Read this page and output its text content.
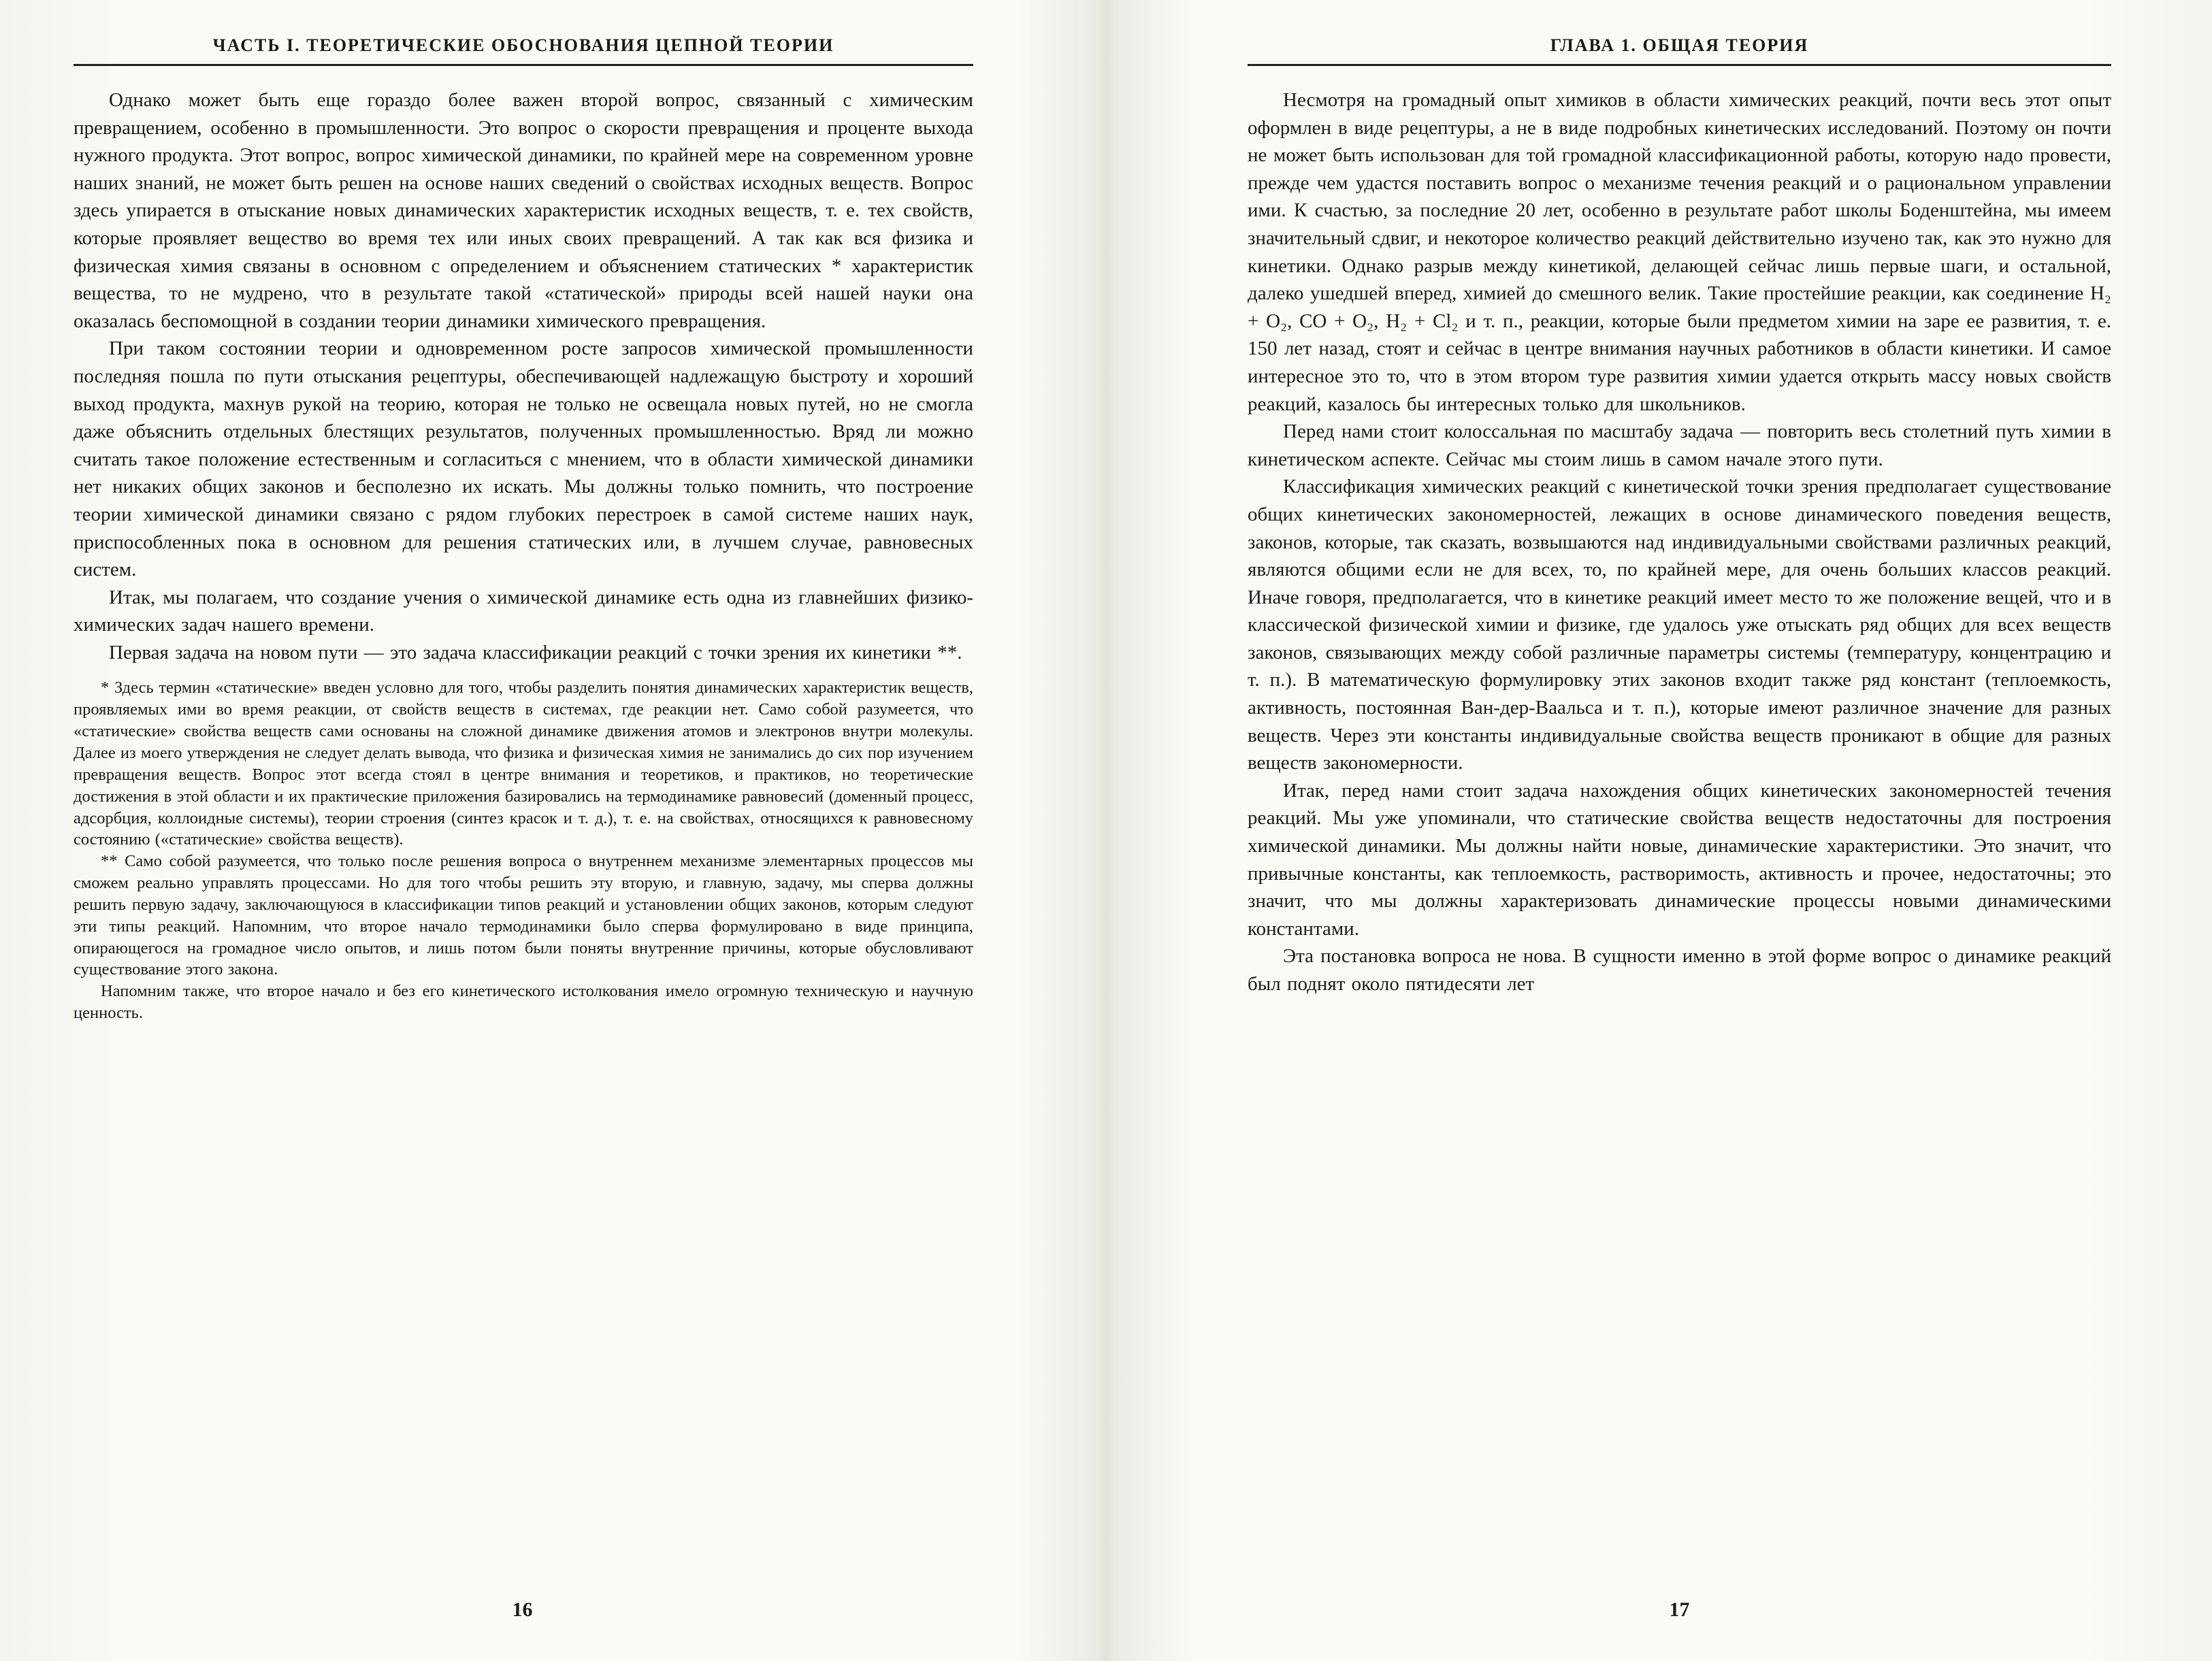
ЧАСТЬ I. ТЕОРЕТИЧЕСКИЕ ОБОСНОВАНИЯ ЦЕПНОЙ ТЕОРИИ

Однако может быть еще гораздо более важен второй вопрос, связанный с химическим превращением, особенно в промышленности. Это вопрос о скорости превращения и проценте выхода нужного продукта. Этот вопрос, вопрос химической динамики, по крайней мере на современном уровне наших знаний, не может быть решен на основе наших сведений о свойствах исходных веществ. Вопрос здесь упирается в отыскание новых динамических характеристик исходных веществ, т. е. тех свойств, которые проявляет вещество во время тех или иных своих превращений. А так как вся физика и физическая химия связаны в основном с определением и объяснением статических * характеристик вещества, то не мудрено, что в результате такой «статической» природы всей нашей науки она оказалась беспомощной в создании теории динамики химического превращения.

При таком состоянии теории и одновременном росте запросов химической промышленности последняя пошла по пути отыскания рецептуры, обеспечивающей надлежащую быстроту и хороший выход продукта, махнув рукой на теорию, которая не только не освещала новых путей, но не смогла даже объяснить отдельных блестящих результатов, полученных промышленностью. Вряд ли можно считать такое положение естественным и согласиться с мнением, что в области химической динамики нет никаких общих законов и бесполезно их искать. Мы должны только помнить, что построение теории химической динамики связано с рядом глубоких перестроек в самой системе наших наук, приспособленных пока в основном для решения статических или, в лучшем случае, равновесных систем.

Итак, мы полагаем, что создание учения о химической динамике есть одна из главнейших физико-химических задач нашего времени.

Первая задача на новом пути — это задача классификации реакций с точки зрения их кинетики **.

* Здесь термин «статические» введен условно для того, чтобы разделить понятия динамических характеристик веществ, проявляемых ими во время реакции, от свойств веществ в системах, где реакции нет. Само собой разумеется, что «статические» свойства веществ сами основаны на сложной динамике движения атомов и электронов внутри молекулы. Далее из моего утверждения не следует делать вывода, что физика и физическая химия не занимались до сих пор изучением превращения веществ. Вопрос этот всегда стоял в центре внимания и теоретиков, и практиков, но теоретические достижения в этой области и их практические приложения базировались на термодинамике равновесий (доменный процесс, адсорбция, коллоидные системы), теории строения (синтез красок и т. д.), т. е. на свойствах, относящихся к равновесному состоянию («статические» свойства веществ).

** Само собой разумеется, что только после решения вопроса о внутреннем механизме элементарных процессов мы сможем реально управлять процессами. Но для того чтобы решить эту вторую, и главную, задачу, мы сперва должны решить первую задачу, заключающуюся в классификации типов реакций и установлении общих законов, которым следуют эти типы реакций. Напомним, что второе начало термодинамики было сперва формулировано в виде принципа, опирающегося на громадное число опытов, и лишь потом были поняты внутренние причины, которые обусловливают существование этого закона.

Напомним также, что второе начало и без его кинетического истолкования имело огромную техническую и научную ценность.

16
ГЛАВА 1. ОБЩАЯ ТЕОРИЯ

Несмотря на громадный опыт химиков в области химических реакций, почти весь этот опыт оформлен в виде рецептуры, а не в виде подробных кинетических исследований. Поэтому он почти не может быть использован для той громадной классификационной работы, которую надо провести, прежде чем удастся поставить вопрос о механизме течения реакций и о рациональном управлении ими. К счастью, за последние 20 лет, особенно в результате работ школы Боденштейна, мы имеем значительный сдвиг, и некоторое количество реакций действительно изучено так, как это нужно для кинетики. Однако разрыв между кинетикой, делающей сейчас лишь первые шаги, и остальной, далеко ушедшей вперед, химией до смешного велик. Такие простейшие реакции, как соединение H₂ + O₂, CO + O₂, H₂ + Cl₂ и т. п., реакции, которые были предметом химии на заре ее развития, т. е. 150 лет назад, стоят и сейчас в центре внимания научных работников в области кинетики. И самое интересное это то, что в этом втором туре развития химии удается открыть массу новых свойств реакций, казалось бы интересных только для школьников.

Перед нами стоит колоссальная по масштабу задача — повторить весь столетний путь химии в кинетическом аспекте. Сейчас мы стоим лишь в самом начале этого пути.

Классификация химических реакций с кинетической точки зрения предполагает существование общих кинетических закономерностей, лежащих в основе динамического поведения веществ, законов, которые, так сказать, возвышаются над индивидуальными свойствами различных реакций, являются общими если не для всех, то, по крайней мере, для очень больших классов реакций. Иначе говоря, предполагается, что в кинетике реакций имеет место то же положение вещей, что и в классической физической химии и физике, где удалось уже отыскать ряд общих для всех веществ законов, связывающих между собой различные параметры системы (температуру, концентрацию и т. п.). В математическую формулировку этих законов входит также ряд констант (теплоемкость, активность, постоянная Ван-дер-Ваальса и т. п.), которые имеют различное значение для разных веществ. Через эти константы индивидуальные свойства веществ проникают в общие для разных веществ закономерности.

Итак, перед нами стоит задача нахождения общих кинетических закономерностей течения реакций. Мы уже упоминали, что статические свойства веществ недостаточны для построения химической динамики. Мы должны найти новые, динамические характеристики. Это значит, что привычные константы, как теплоемкость, растворимость, активность и прочее, недостаточны; это значит, что мы должны характеризовать динамические процессы новыми динамическими константами.

Эта постановка вопроса не нова. В сущности именно в этой форме вопрос о динамике реакций был поднят около пятидесяти лет

17
